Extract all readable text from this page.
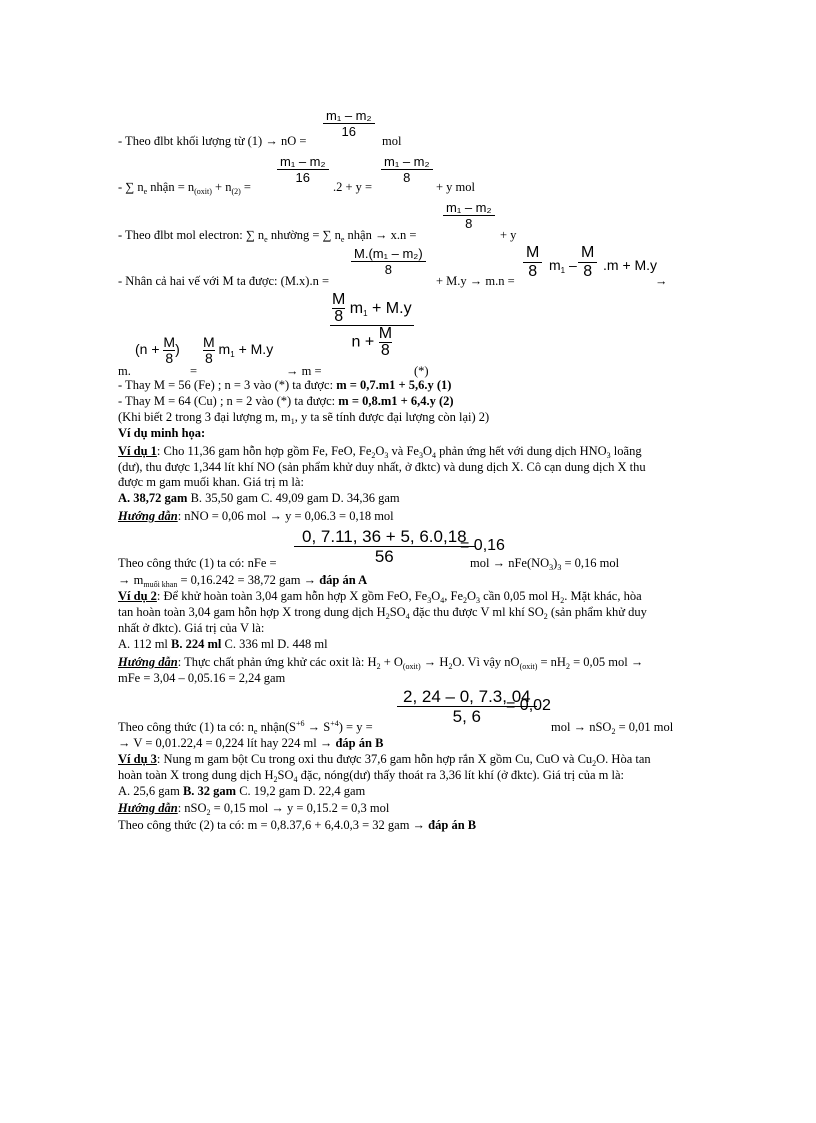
$\frac{\text{m₁ – m₂}}{16}$
- Theo đlbt khối lượng từ (1) → nO =	mol
$\frac{\text{m₁ – m₂}}{16}$	$\frac{\text{m₁ – m₂}}{8}$
- ∑ $n_e$ nhận = $n_{(oxit)} + n_{(2)}$ =	.2 + y =	+ y mol
$\frac{\text{m₁ – m₂}}{8}$
- Theo đlbt mol electron: ∑ $n_e$ nhường = ∑ $n_e$ nhận → x.n =	+ y
$\frac{\text{M.(m₁ – m₂)}}{8}$
- Nhân cả hai vế với M ta được: (M.x).n =	+ $M.y \to m.n = \frac{M}{8} m_1 - \frac{M}{8} .m + M.y$
→
$\frac{\frac{M}{8} m_1 + M.y}{n + \frac{M}{8}}$
($n + \frac{M}{8}$ ) $\frac{M}{8} m_1 + M.y$
m.	=	→ m =	(*)
- Thay M = 56 (Fe) ; n = 3 vào (*) ta được: m = 0,7.m1 + 5,6.y (1)
- Thay M = 64 (Cu) ; n = 2 vào (*) ta được: m = 0,8.m1 + 6,4.y (2)
(Khi biết 2 trong 3 đại lượng m, $m_1$, y ta sẽ tính được đại lượng còn lại) 2)
Ví dụ minh họa:
Ví dụ 1: Cho 11,36 gam hỗn hợp gồm Fe, FeO, $Fe_2O_3$ và $Fe_3O_4$ phản ứng hết với dung dịch $HNO_3$ loãng
(dư), thu được 1,344 lít khí NO (sản phẩm khử duy nhất, ở đktc) và dung dịch X. Cô cạn dung dịch X thu
được m gam muối khan. Giá trị m là:
A. 38,72 gam B. 35,50 gam C. 49,09 gam D. 34,36 gam
Hướng dẫn: nNO = 0,06 mol → y = 0,06.3 = 0,18 mol
$\frac{0, 7.11, 36 + 5, 6.0,18}{56}$
= 0,16
Theo công thức (1) ta có: nFe =	mol → $nFe(NO_3)_3 = 0,16$ mol
→ $m_{muối khan} = 0,16.242 = 38,72$ gam → đáp án A
Ví dụ 2: Để khử hoàn toàn 3,04 gam hỗn hợp X gồm FeO, $Fe_3O_4$, $Fe_2O_3$ cần 0,05 mol $H_2$. Mặt khác, hòa
tan hoàn toàn 3,04 gam hỗn hợp X trong dung dịch $H_2SO_4$ đặc thu được V ml khí $SO_2$ (sản phẩm khử duy
nhất ở đktc). Giá trị của V là:
A. 112 ml B. 224 ml C. 336 ml D. 448 ml
Hướng dẫn: Thực chất phản ứng khử các oxit là: $H_2 + O_{(oxit)} \to H_2O$. Vì vậy $nO_{(oxit)} = nH_2 = 0,05$ mol →
mFe = 3,04 – 0,05.16 = 2,24 gam
$\frac{2, 24 - 0, 7.3, 04}{5, 6}$
= 0,02
Theo công thức (1) ta có: $n_e$ $nhận(S^{+6} \to S^{+4}) = y$ =	mol → nSO$_2$ = 0,01 mol
→ V = 0,01.22,4 = 0,224 lít hay 224 ml → đáp án B
Ví dụ 3: Nung m gam bột Cu trong oxi thu được 37,6 gam hỗn hợp rắn X gồm Cu, CuO và $Cu_2O$. Hòa tan
hoàn toàn X trong dung dịch $H_2SO_4$ đặc, nóng(dư) thấy thoát ra 3,36 lít khí (ở đktc). Giá trị của m là:
A. 25,6 gam B. 32 gam C. 19,2 gam D. 22,4 gam
Hướng dẫn: nSO$_2$ = 0,15 mol → y = 0,15.2 = 0,3 mol
Theo công thức (2) ta có: m = 0,8.37,6 + 6,4.0,3 = 32 gam → đáp án B
